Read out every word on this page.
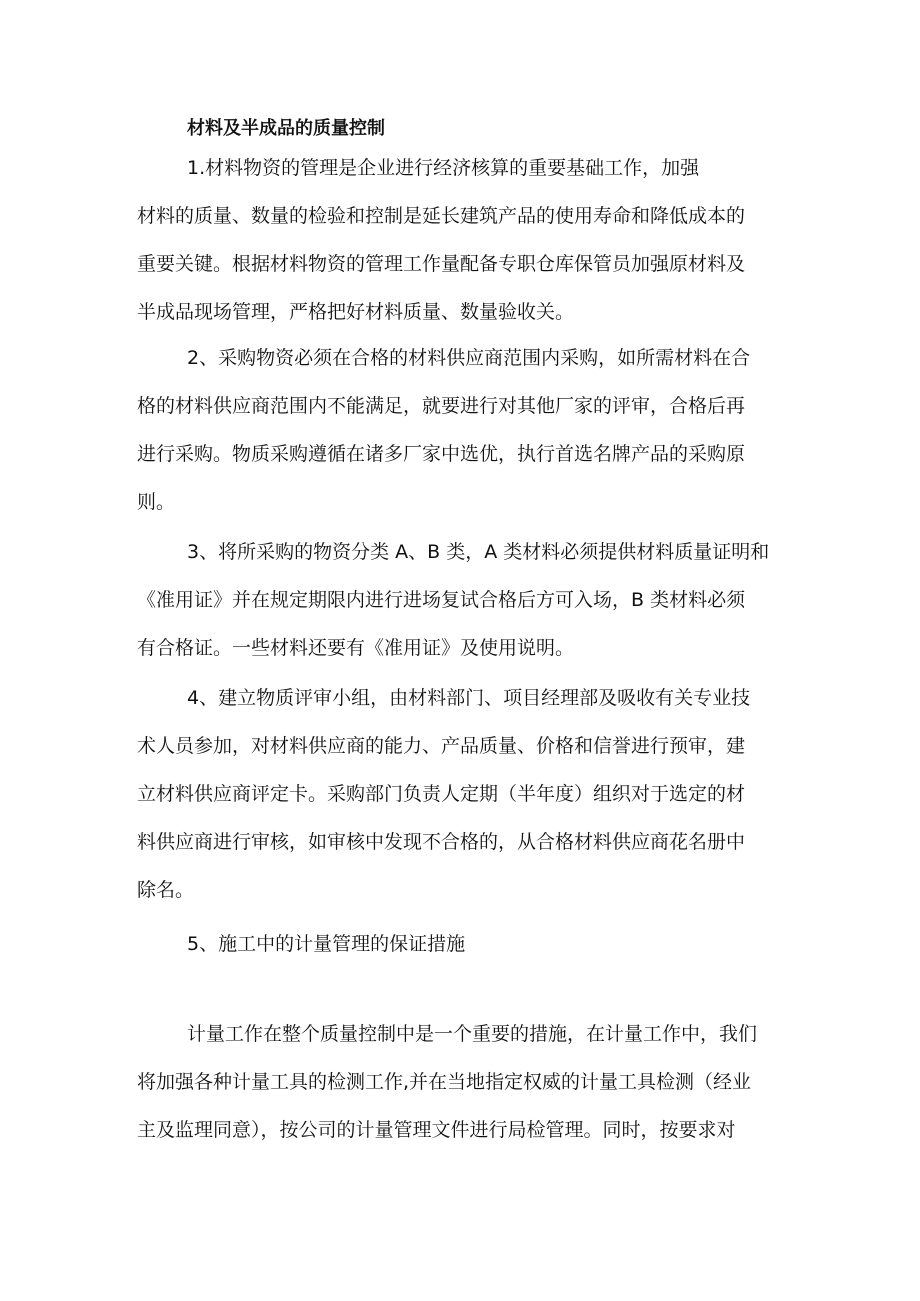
材料及半成品的质量控制
1.材料物资的管理是企业进行经济核算的重要基础工作，加强
材料的质量、数量的检验和控制是延长建筑产品的使用寿命和降低成本的
重要关键。根据材料物资的管理工作量配备专职仓库保管员加强原材料及
半成品现场管理，严格把好材料质量、数量验收关。
2、采购物资必须在合格的材料供应商范围内采购，如所需材料在合
格的材料供应商范围内不能满足，就要进行对其他厂家的评审，合格后再
进行采购。物质采购遵循在诸多厂家中选优，执行首选名牌产品的采购原
则。
3、将所采购的物资分类 A、B 类，A 类材料必须提供材料质量证明和
《准用证》并在规定期限内进行进场复试合格后方可入场，B 类材料必须
有合格证。一些材料还要有《准用证》及使用说明。
4、建立物质评审小组，由材料部门、项目经理部及吸收有关专业技
术人员参加，对材料供应商的能力、产品质量、价格和信誉进行预审，建
立材料供应商评定卡。采购部门负责人定期（半年度）组织对于选定的材
料供应商进行审核，如审核中发现不合格的，从合格材料供应商花名册中
除名。
5、施工中的计量管理的保证措施
计量工作在整个质量控制中是一个重要的措施，在计量工作中，我们
将加强各种计量工具的检测工作,并在当地指定权威的计量工具检测（经业
主及监理同意），按公司的计量管理文件进行局检管理。同时，按要求对
